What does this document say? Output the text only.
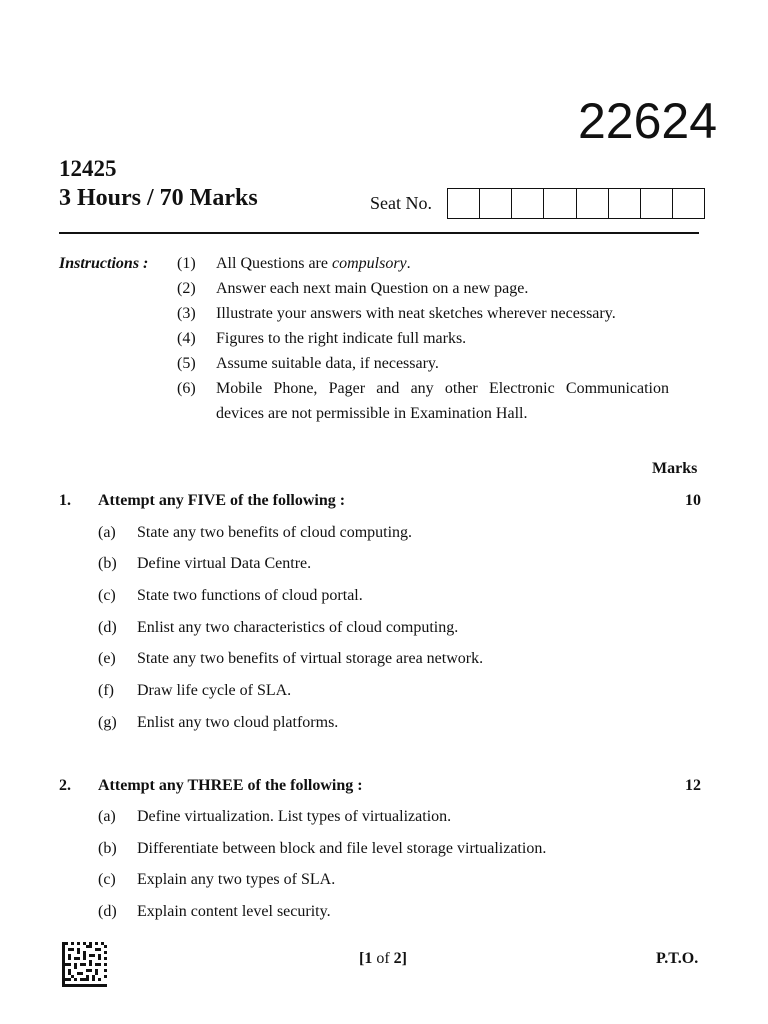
22624
12425
3 Hours / 70 Marks	Seat No.
Instructions : (1) All Questions are compulsory.
(2) Answer each next main Question on a new page.
(3) Illustrate your answers with neat sketches wherever necessary.
(4) Figures to the right indicate full marks.
(5) Assume suitable data, if necessary.
(6) Mobile Phone, Pager and any other Electronic Communication devices are not permissible in Examination Hall.
Marks
1. Attempt any FIVE of the following :	10
(a) State any two benefits of cloud computing.
(b) Define virtual Data Centre.
(c) State two functions of cloud portal.
(d) Enlist any two characteristics of cloud computing.
(e) State any two benefits of virtual storage area network.
(f) Draw life cycle of SLA.
(g) Enlist any two cloud platforms.
2. Attempt any THREE of the following :	12
(a) Define virtualization. List types of virtualization.
(b) Differentiate between block and file level storage virtualization.
(c) Explain any two types of SLA.
(d) Explain content level security.
[1 of 2]	P.T.O.
